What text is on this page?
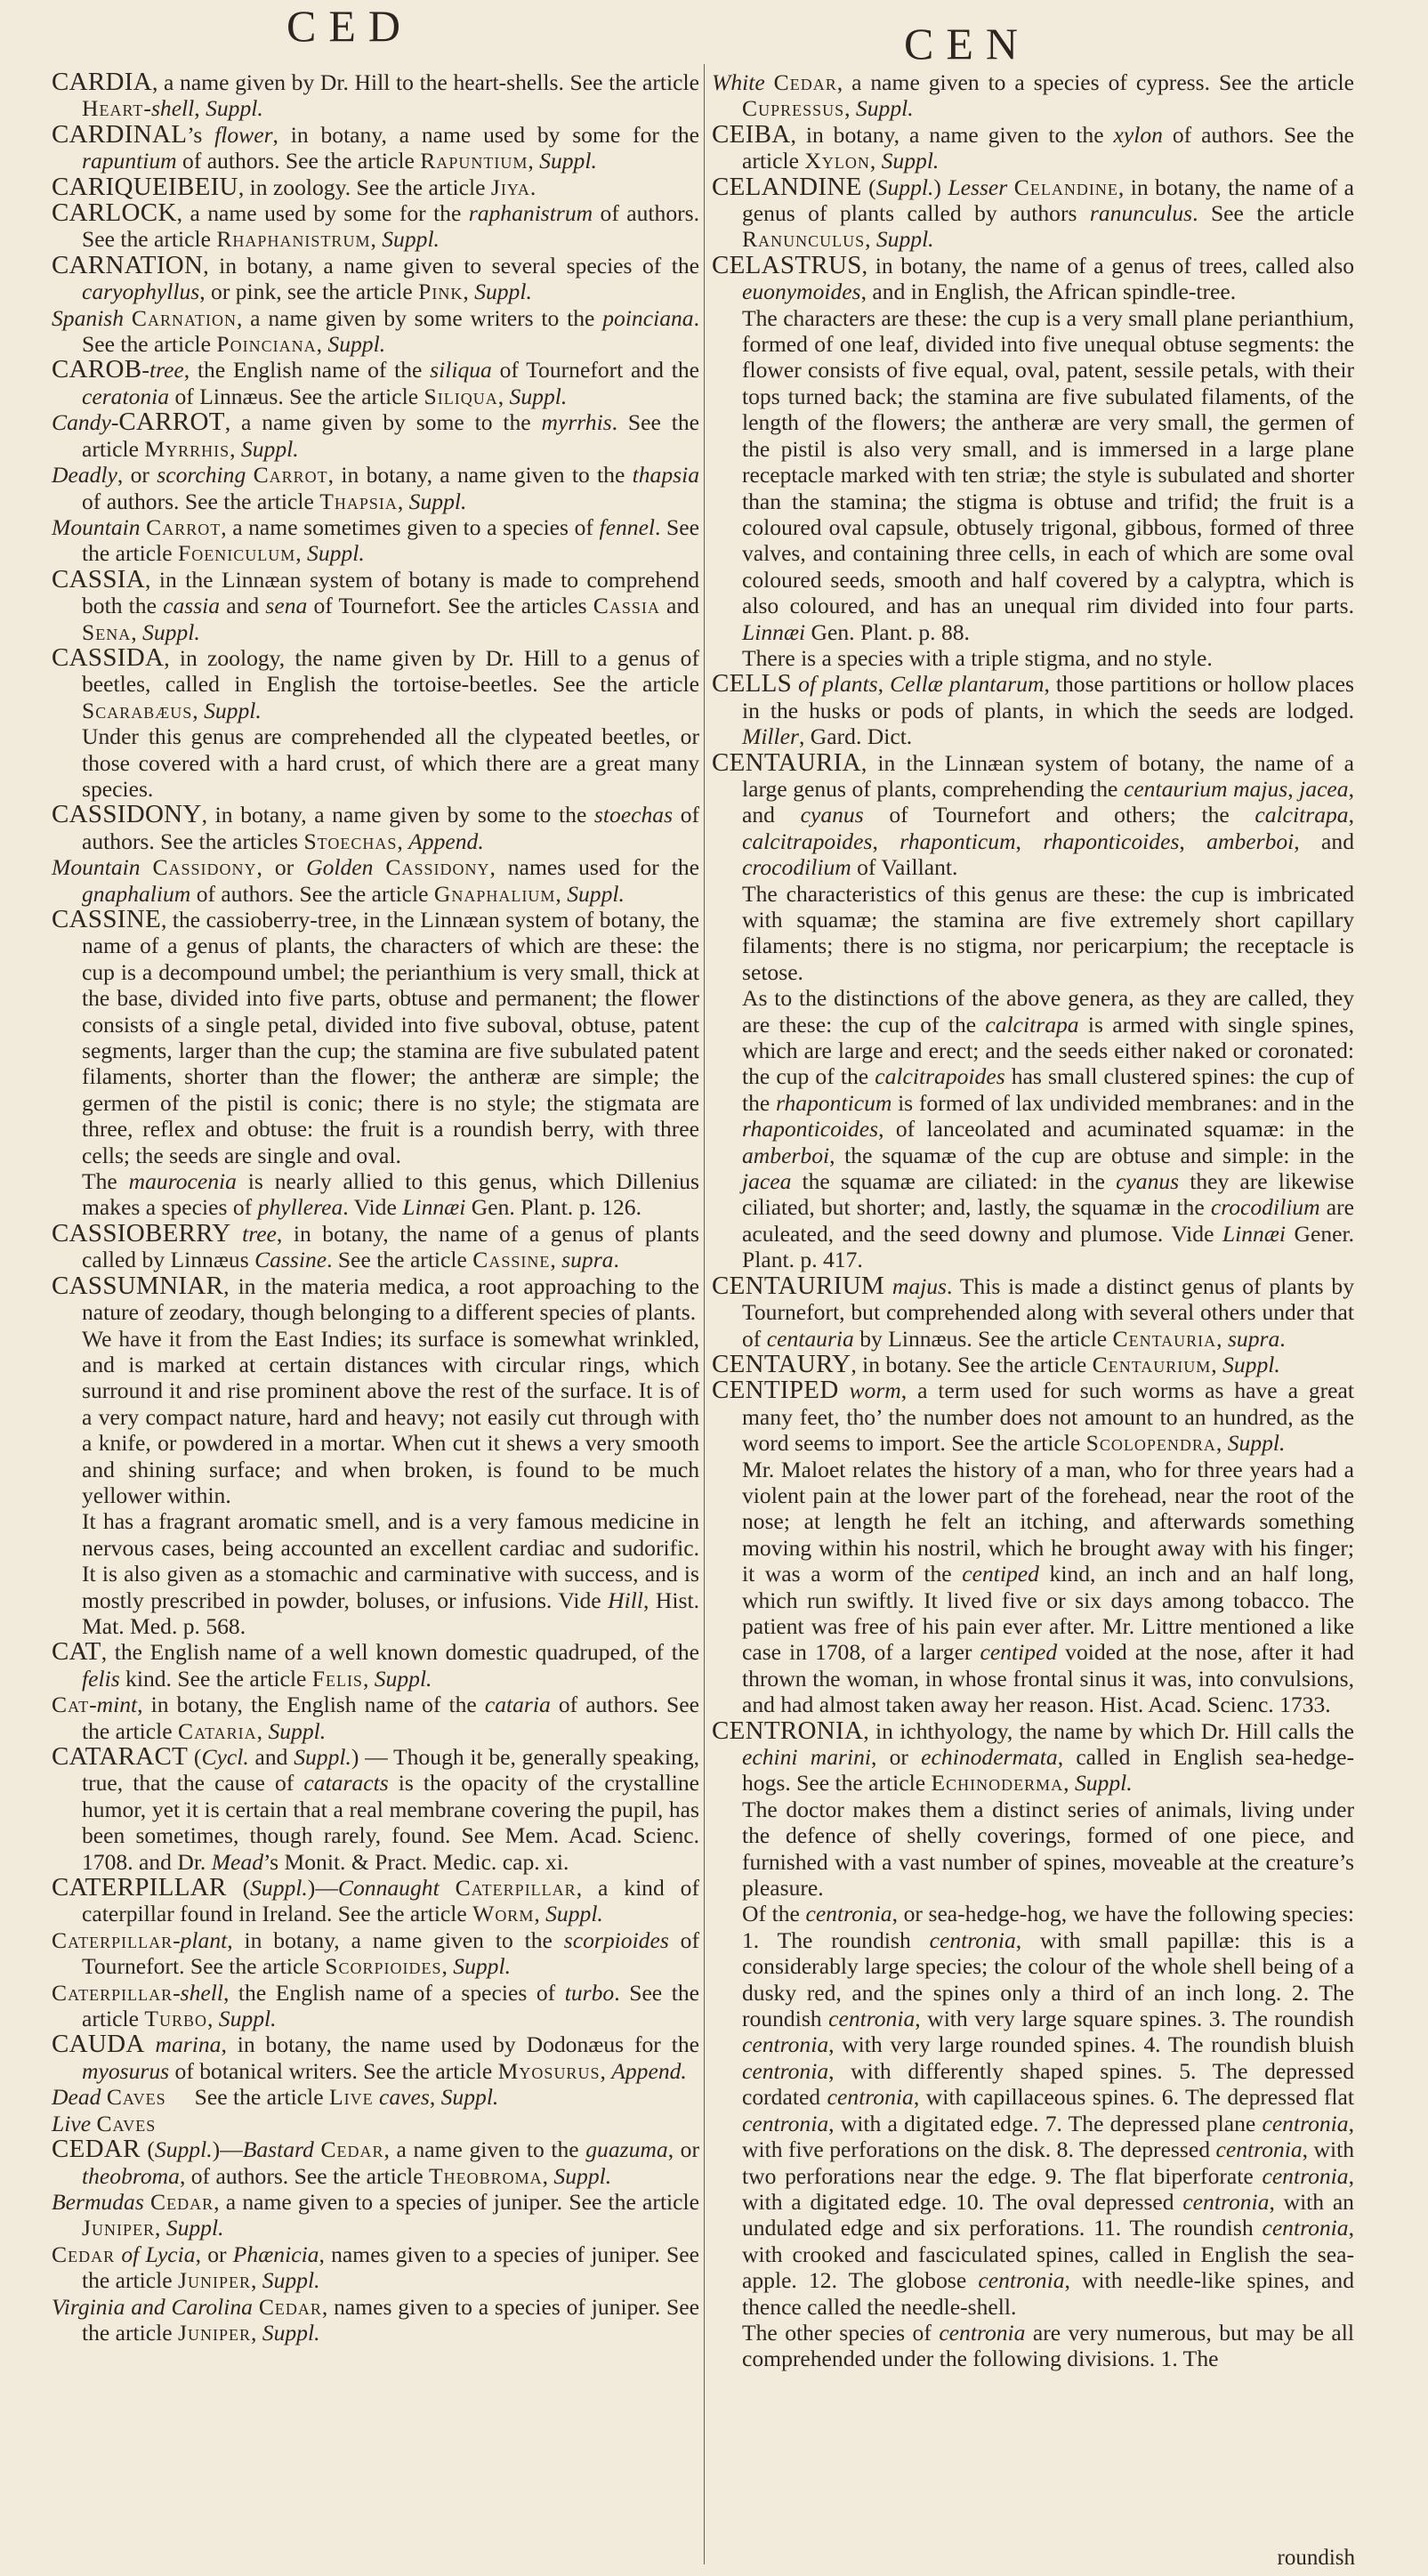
CED	CEN

CARDIA, a name given by Dr. Hill to the heart-shells. See the article Heart-shell, Suppl.

CARDINAL’s flower, in botany, a name used by some for the rapuntium of authors. See the article Rapuntium, Suppl.

CARIQUEIBEIU, in zoology. See the article Jiya.

CARLOCK, a name used by some for the raphanistrum of authors. See the article Rhaphanistrum, Suppl.

CARNATION, in botany, a name given to several species of the caryophyllus, or pink, see the article Pink, Suppl.

Spanish Carnation, a name given by some writers to the poinciana. See the article Poinciana, Suppl.

CAROB-tree, the English name of the siliqua of Tournefort and the ceratonia of Linnæus. See the article Siliqua, Suppl.

Candy-CARROT, a name given by some to the myrrhis. See the article Myrrhis, Suppl.

Deadly, or scorching Carrot, in botany, a name given to the thapsia of authors. See the article Thapsia, Suppl.

Mountain Carrot, a name sometimes given to a species of fennel. See the article Foeniculum, Suppl.

CASSIA, in the Linnæan system of botany is made to comprehend both the cassia and sena of Tournefort. See the articles Cassia and Sena, Suppl.

CASSIDA, in zoology, the name given by Dr. Hill to a genus of beetles, called in English the tortoise-beetles. See the article Scarabæus, Suppl.

Under this genus are comprehended all the clypeated beetles, or those covered with a hard crust, of which there are a great many species.

CASSIDONY, in botany, a name given by some to the stoechas of authors. See the articles Stoechas, Append.

Mountain Cassidony, or Golden Cassidony, names used for the gnaphalium of authors. See the article Gnaphalium, Suppl.

CASSINE, the cassioberry-tree, in the Linnæan system of botany, the name of a genus of plants, the characters of which are these: the cup is a decompound umbel; the perianthium is very small, thick at the base, divided into five parts, obtuse and permanent; the flower consists of a single petal, divided into five suboval, obtuse, patent segments, larger than the cup; the stamina are five subulated patent filaments, shorter than the flower; the antheræ are simple; the germen of the pistil is conic; there is no style; the stigmata are three, reflex and obtuse: the fruit is a roundish berry, with three cells; the seeds are single and oval.

The maurocenia is nearly allied to this genus, which Dillenius makes a species of phyllerea. Vide Linnæi Gen. Plant. p. 126.

CASSIOBERRY tree, in botany, the name of a genus of plants called by Linnæus Cassine. See the article Cassine, supra.

CASSUMNIAR, in the materia medica, a root approaching to the nature of zeodary, though belonging to a different species of plants.

We have it from the East Indies; its surface is somewhat wrinkled, and is marked at certain distances with circular rings, which surround it and rise prominent above the rest of the surface. It is of a very compact nature, hard and heavy; not easily cut through with a knife, or powdered in a mortar. When cut it shews a very smooth and shining surface; and when broken, is found to be much yellower within.

It has a fragrant aromatic smell, and is a very famous medicine in nervous cases, being accounted an excellent cardiac and sudorific. It is also given as a stomachic and carminative with success, and is mostly prescribed in powder, boluses, or infusions. Vide Hill, Hist. Mat. Med. p. 568.

CAT, the English name of a well known domestic quadruped, of the felis kind. See the article Felis, Suppl.

Cat-mint, in botany, the English name of the cataria of authors. See the article Cataria, Suppl.

CATARACT (Cycl. and Suppl.) — Though it be, generally speaking, true, that the cause of cataracts is the opacity of the crystalline humor, yet it is certain that a real membrane covering the pupil, has been sometimes, though rarely, found. See Mem. Acad. Scienc. 1708. and Dr. Mead’s Monit. & Pract. Medic. cap. xi.

CATERPILLAR (Suppl.)—Connaught Caterpillar, a kind of caterpillar found in Ireland. See the article Worm, Suppl.

Caterpillar-plant, in botany, a name given to the scorpioides of Tournefort. See the article Scorpioides, Suppl.

Caterpillar-shell, the English name of a species of turbo. See the article Turbo, Suppl.

CAUDA marina, in botany, the name used by Dodonæus for the myosurus of botanical writers. See the article Myosurus, Append.

Dead Caves     See the article Live caves, Suppl.

Live Caves

CEDAR (Suppl.)—Bastard Cedar, a name given to the guazuma, or theobroma, of authors. See the article Theobroma, Suppl.

Bermudas Cedar, a name given to a species of juniper. See the article Juniper, Suppl.

Cedar of Lycia, or Phænicia, names given to a species of juniper. See the article Juniper, Suppl.

Virginia and Carolina Cedar, names given to a species of juniper. See the article Juniper, Suppl.

White Cedar, a name given to a species of cypress. See the article Cupressus, Suppl.

CEIBA, in botany, a name given to the xylon of authors. See the article Xylon, Suppl.

CELANDINE (Suppl.) Lesser Celandine, in botany, the name of a genus of plants called by authors ranunculus. See the article Ranunculus, Suppl.

CELASTRUS, in botany, the name of a genus of trees, called also euonymoides, and in English, the African spindle-tree.

The characters are these: the cup is a very small plane perianthium, formed of one leaf, divided into five unequal obtuse segments: the flower consists of five equal, oval, patent, sessile petals, with their tops turned back; the stamina are five subulated filaments, of the length of the flowers; the antheræ are very small, the germen of the pistil is also very small, and is immersed in a large plane receptacle marked with ten striæ; the style is subulated and shorter than the stamina; the stigma is obtuse and trifid; the fruit is a coloured oval capsule, obtusely trigonal, gibbous, formed of three valves, and containing three cells, in each of which are some oval coloured seeds, smooth and half covered by a calyptra, which is also coloured, and has an unequal rim divided into four parts. Linnæi Gen. Plant. p. 88.

There is a species with a triple stigma, and no style.

CELLS of plants, Cellæ plantarum, those partitions or hollow places in the husks or pods of plants, in which the seeds are lodged. Miller, Gard. Dict.

CENTAURIA, in the Linnæan system of botany, the name of a large genus of plants, comprehending the centaurium majus, jacea, and cyanus of Tournefort and others; the calcitrapa, calcitrapoides, rhaponticum, rhaponticoides, amberboi, and crocodilium of Vaillant.

The characteristics of this genus are these: the cup is imbricated with squamæ; the stamina are five extremely short capillary filaments; there is no stigma, nor pericarpium; the receptacle is setose.

As to the distinctions of the above genera, as they are called, they are these: the cup of the calcitrapa is armed with single spines, which are large and erect; and the seeds either naked or coronated: the cup of the calcitrapoides has small clustered spines: the cup of the rhaponticum is formed of lax undivided membranes: and in the rhaponticoides, of lanceolated and acuminated squamæ: in the amberboi, the squamæ of the cup are obtuse and simple: in the jacea the squamæ are ciliated: in the cyanus they are likewise ciliated, but shorter; and, lastly, the squamæ in the crocodilium are aculeated, and the seed downy and plumose. Vide Linnæi Gener. Plant. p. 417.

CENTAURIUM majus. This is made a distinct genus of plants by Tournefort, but comprehended along with several others under that of centauria by Linnæus. See the article Centauria, supra.

CENTAURY, in botany. See the article Centaurium, Suppl.

CENTIPED worm, a term used for such worms as have a great many feet, tho’ the number does not amount to an hundred, as the word seems to import. See the article Scolopendra, Suppl.

Mr. Maloet relates the history of a man, who for three years had a violent pain at the lower part of the forehead, near the root of the nose; at length he felt an itching, and afterwards something moving within his nostril, which he brought away with his finger; it was a worm of the centiped kind, an inch and an half long, which run swiftly. It lived five or six days among tobacco. The patient was free of his pain ever after. Mr. Littre mentioned a like case in 1708, of a larger centiped voided at the nose, after it had thrown the woman, in whose frontal sinus it was, into convulsions, and had almost taken away her reason. Hist. Acad. Scienc. 1733.

CENTRONIA, in ichthyology, the name by which Dr. Hill calls the echini marini, or echinodermata, called in English sea-hedge-hogs. See the article Echinoderma, Suppl.

The doctor makes them a distinct series of animals, living under the defence of shelly coverings, formed of one piece, and furnished with a vast number of spines, moveable at the creature’s pleasure.

Of the centronia, or sea-hedge-hog, we have the following species: 1. The roundish centronia, with small papillæ: this is a considerably large species; the colour of the whole shell being of a dusky red, and the spines only a third of an inch long. 2. The roundish centronia, with very large square spines. 3. The roundish centronia, with very large rounded spines. 4. The roundish bluish centronia, with differently shaped spines. 5. The depressed cordated centronia, with capillaceous spines. 6. The depressed flat centronia, with a digitated edge. 7. The depressed plane centronia, with five perforations on the disk. 8. The depressed centronia, with two perforations near the edge. 9. The flat biperforate centronia, with a digitated edge. 10. The oval depressed centronia, with an undulated edge and six perforations. 11. The roundish centronia, with crooked and fasciculated spines, called in English the sea-apple. 12. The globose centronia, with needle-like spines, and thence called the needle-shell.

The other species of centronia are very numerous, but may be all comprehended under the following divisions. 1. The

roundish
